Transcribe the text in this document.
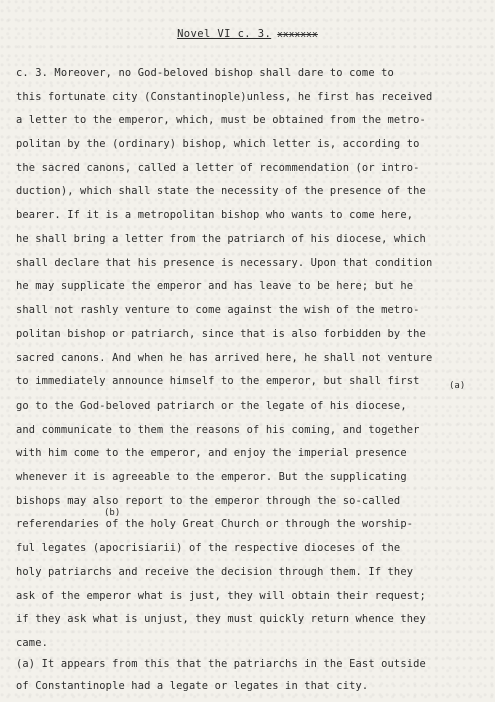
Novel VI c. 3. xxxxxxx
c. 3. Moreover, no God-beloved bishop shall dare to come to
this fortunate city (Constantinople)unless, he first has received
a letter to the emperor, which, must be obtained from the metro-
politan by the (ordinary) bishop, which letter is, according to
the sacred canons, called a letter of recommendation (or intro-
duction), which shall state the necessity of the presence of the
bearer. If it is a metropolitan bishop who wants to come here,
he shall bring a letter from the patriarch of his diocese, which
shall declare that his presence is necessary. Upon that condition
he may supplicate the emperor and has leave to be here; but he
shall not rashly venture to come against the wish of the metro-
politan bishop or patriarch, since that is also forbidden by the
sacred canons. And when he has arrived here, he shall not venture
to immediately announce himself to the emperor, but shall first	(a)
go to the God-beloved patriarch or the legate of his diocese,
and communicate to them the reasons of his coming, and together
with him come to the emperor, and enjoy the imperial presence
whenever it is agreeable to the emperor. But the supplicating
bishops may also report to the emperor through the so-called
(b)
referendaries of the holy Great Church or through the worship-
ful legates (apocrisiarii) of the respective dioceses of the
holy patriarchs and receive the decision through them. If they
ask of the emperor what is just, they will obtain their request;
if they ask what is unjust, they must quickly return whence they
came.
(a) It appears from this that the patriarchs in the East outside
of Constantinople had a legate or legates in that city.
